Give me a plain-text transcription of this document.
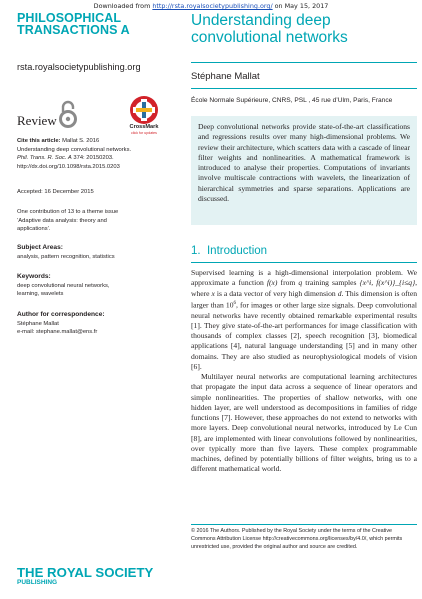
Downloaded from http://rsta.royalsocietypublishing.org/ on May 15, 2017
PHILOSOPHICAL
TRANSACTIONS A
rsta.royalsocietypublishing.org
Review	CrossMark
click for updates
Understanding deep
convolutional networks
Stéphane Mallat
École Normale Supérieure, CNRS, PSL , 45 rue d’Ulm, Paris, France
Deep convolutional networks provide state-of-the-art classifications and regressions results over many high-dimensional problems. We review their architecture, which scatters data with a cascade of linear filter weights and nonlinearities. A mathematical framework is introduced to analyse their properties. Computations of invariants involve multiscale contractions with wavelets, the linearization of hierarchical symmetries and sparse separations. Applications are discussed.
Cite this article: Mallat S. 2016
Understanding deep convolutional networks.
Phil. Trans. R. Soc. A 374: 20150203.
http://dx.doi.org/10.1098/rsta.2015.0203
Accepted: 16 December 2015
One contribution of 13 to a theme issue
‘Adaptive data analysis: theory and
applications’.
Subject Areas:
analysis, pattern recognition, statistics
Keywords:
deep convolutional neural networks,
learning, wavelets
Author for correspondence:
Stéphane Mallat
e-mail: stephane.mallat@ens.fr
1. Introduction

Supervised learning is a high-dimensional interpolation problem. We approximate a function f(x) from q training samples {x^i, f(x^i)}_{i≤q}, where x is a data vector of very high dimension d. This dimension is often larger than $10^6$, for images or other large size signals. Deep convolutional neural networks have recently obtained remarkable experimental results [1]. They give state-of-the-art performances for image classification with thousands of complex classes [2], speech recognition [3], biomedical applications [4], natural language understanding [5] and in many other domains. They are also studied as neurophysiological models of vision [6].

Multilayer neural networks are computational learning architectures that propagate the input data across a sequence of linear operators and simple nonlinearities. The properties of shallow networks, with one hidden layer, are well understood as decompositions in families of ridge functions [7]. However, these approaches do not extend to networks with more layers. Deep convolutional neural networks, introduced by Le Cun [8], are implemented with linear convolutions followed by nonlinearities, over typically more than five layers. These complex programmable machines, defined by potentially billions of filter weights, bring us to a different mathematical world.

© 2016 The Authors. Published by the Royal Society under the terms of the Creative Commons Attribution License http://creativecommons.org/licenses/by/4.0/, which permits unrestricted use, provided the original author and source are credited.
THE ROYAL SOCIETY
PUBLISHING
